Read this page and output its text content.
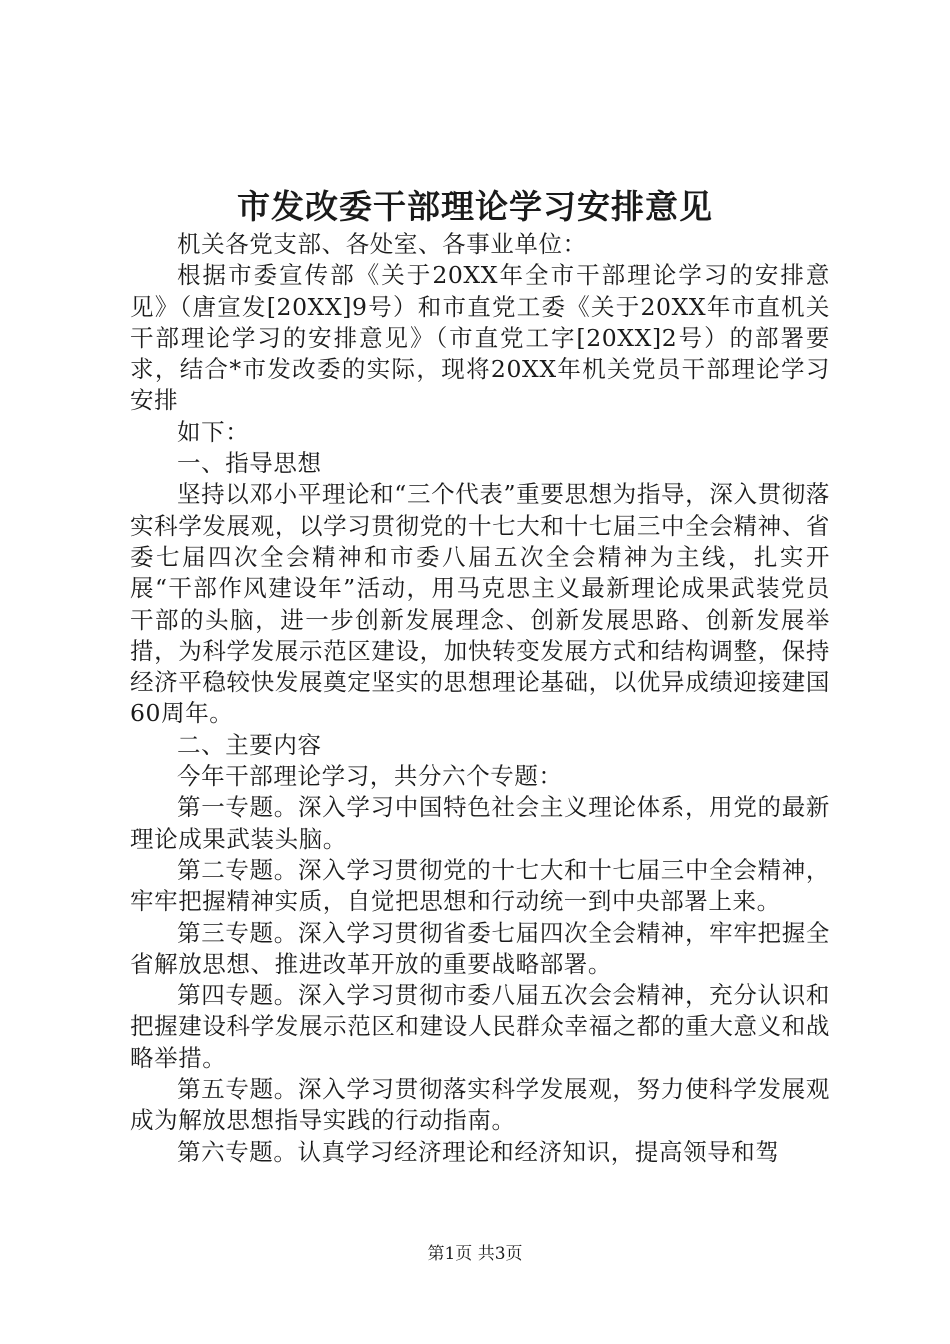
市发改委干部理论学习安排意见

机关各党支部、各处室、各事业单位：

根据市委宣传部《关于20XX年全市干部理论学习的安排意见》（唐宣发[20XX]9号）和市直党工委《关于20XX年市直机关干部理论学习的安排意见》（市直党工字[20XX]2号）的部署要求，结合*市发改委的实际，现将20XX年机关党员干部理论学习安排

如下：

一、指导思想

坚持以邓小平理论和“三个代表”重要思想为指导，深入贯彻落实科学发展观，以学习贯彻党的十七大和十七届三中全会精神、省委七届四次全会精神和市委八届五次全会精神为主线，扎实开展“干部作风建设年”活动，用马克思主义最新理论成果武装党员干部的头脑，进一步创新发展理念、创新发展思路、创新发展举措，为科学发展示范区建设，加快转变发展方式和结构调整，保持经济平稳较快发展奠定坚实的思想理论基础，以优异成绩迎接建国60周年。

二、主要内容

今年干部理论学习，共分六个专题：

第一专题。深入学习中国特色社会主义理论体系，用党的最新理论成果武装头脑。

第二专题。深入学习贯彻党的十七大和十七届三中全会精神，牢牢把握精神实质，自觉把思想和行动统一到中央部署上来。

第三专题。深入学习贯彻省委七届四次全会精神，牢牢把握全省解放思想、推进改革开放的重要战略部署。

第四专题。深入学习贯彻市委八届五次会会精神，充分认识和把握建设科学发展示范区和建设人民群众幸福之都的重大意义和战略举措。

第五专题。深入学习贯彻落实科学发展观，努力使科学发展观成为解放思想指导实践的行动指南。

第六专题。认真学习经济理论和经济知识，提高领导和驾

第1页 共3页
